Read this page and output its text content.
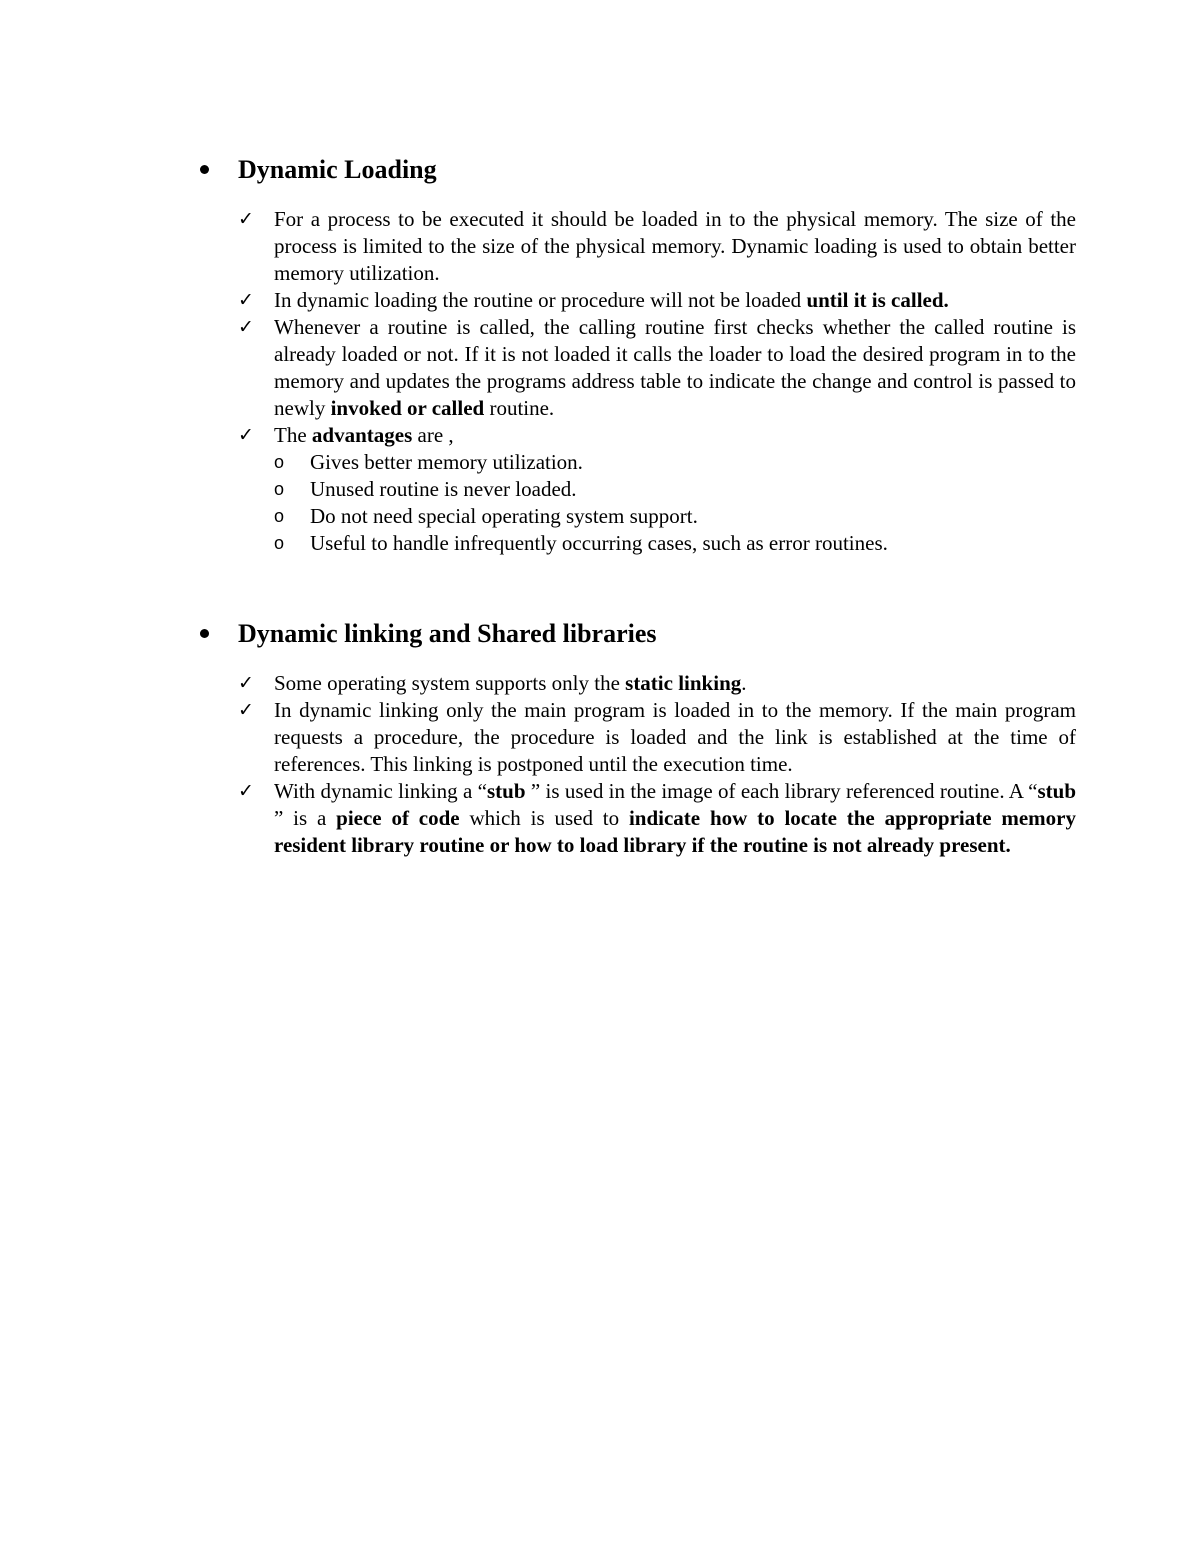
Dynamic Loading
✓ For a process to be executed it should be loaded in to the physical memory. The size of the process is limited to the size of the physical memory. Dynamic loading is used to obtain better memory utilization.
✓ In dynamic loading the routine or procedure will not be loaded until it is called.
✓ Whenever a routine is called, the calling routine first checks whether the called routine is already loaded or not. If it is not loaded it calls the loader to load the desired program in to the memory and updates the programs address table to indicate the change and control is passed to newly invoked or called routine.
✓ The advantages are ,
o Gives better memory utilization.
o Unused routine is never loaded.
o Do not need special operating system support.
o Useful to handle infrequently occurring cases, such as error routines.
Dynamic linking and Shared libraries
✓ Some operating system supports only the static linking.
✓ In dynamic linking only the main program is loaded in to the memory. If the main program requests a procedure, the procedure is loaded and the link is established at the time of references. This linking is postponed until the execution time.
✓ With dynamic linking a “stub ” is used in the image of each library referenced routine. A “stub ” is a piece of code which is used to indicate how to locate the appropriate memory resident library routine or how to load library if the routine is not already present.
